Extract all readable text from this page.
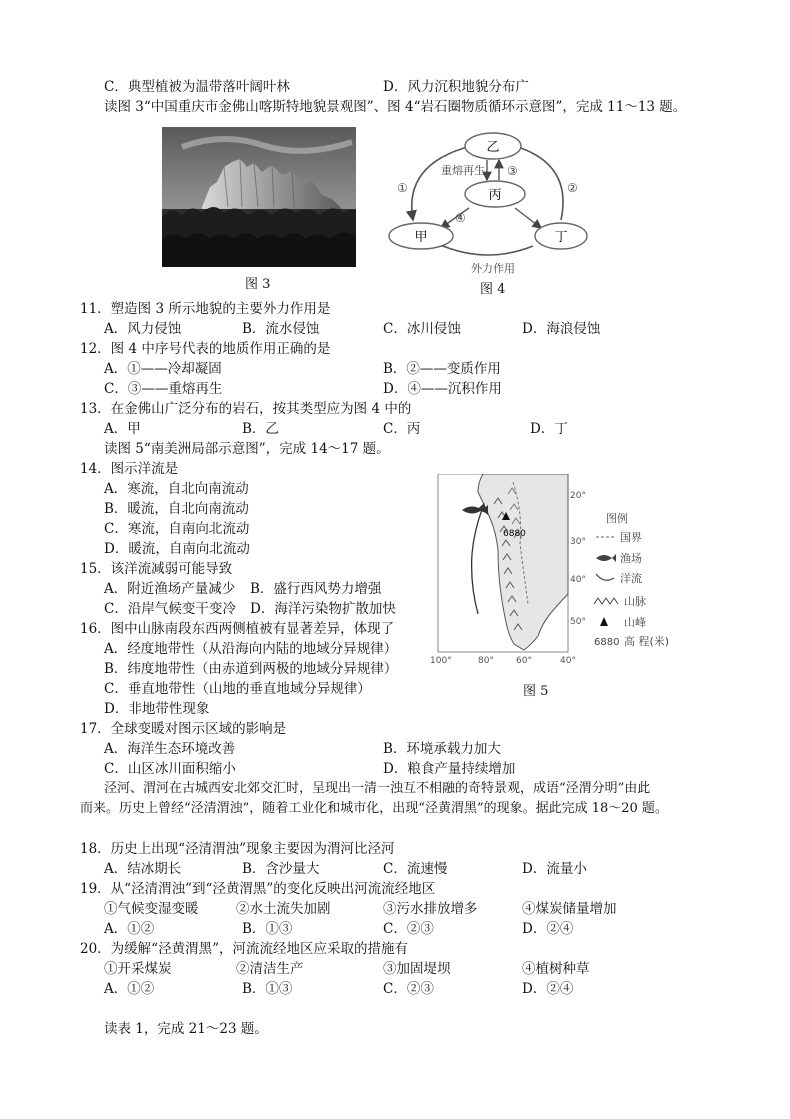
C．典型植被为温带落叶阔叶林	D．风力沉积地貌分布广
读图 3“中国重庆市金佛山喀斯特地貌景观图”、图 4“岩石圈物质循环示意图”，完成 11～13 题。
图 3
乙
丙
甲	丁
重熔再生
外力作用
①	②
③
④
图 4
11．塑造图 3 所示地貌的主要外力作用是
A．风力侵蚀	B．流水侵蚀	C．冰川侵蚀	D．海浪侵蚀
12．图 4 中序号代表的地质作用正确的是
A．①——冷却凝固	B．②——变质作用
C．③——重熔再生	D．④——沉积作用
13．在金佛山广泛分布的岩石，按其类型应为图 4 中的
A．甲	B．乙	C．丙	D．丁
读图 5“南美洲局部示意图”，完成 14～17 题。
14．图示洋流是
A．寒流，自北向南流动
B．暖流，自北向南流动
C．寒流，自南向北流动
D．暖流，自南向北流动
15．该洋流减弱可能导致
A．附近渔场产量减少 B．盛行西风势力增强
C．沿岸气候变干变冷 D．海洋污染物扩散加快
16．图中山脉南段东西两侧植被有显著差异，体现了
A．经度地带性（从沿海向内陆的地域分异规律）
B．纬度地带性（由赤道到两极的地域分异规律）
C．垂直地带性（山地的垂直地域分异规律）
D．非地带性现象
6880
20°
30°
40°
50°
100°	80° 60°	40°
图例
国界
渔场
洋流
山脉
山峰
6880 高 程(米)
图 5
17．全球变暖对图示区域的影响是
A．海洋生态环境改善	B．环境承载力加大
C．山区冰川面积缩小	D．粮食产量持续增加
泾河、渭河在古城西安北郊交汇时，呈现出一清一浊互不相融的奇特景观，成语“泾渭分明”由此
而来。历史上曾经“泾清渭浊”，随着工业化和城市化，出现“泾黄渭黑”的现象。据此完成 18～20 题。
18．历史上出现“泾清渭浊”现象主要因为渭河比泾河
A．结冰期长	B．含沙量大	C．流速慢	D．流量小
19．从“泾清渭浊”到“泾黄渭黑”的变化反映出河流流经地区
①气候变湿变暖	②水土流失加剧	③污水排放增多	④煤炭储量增加
A．①②	B．①③	C．②③	D．②④
20．为缓解“泾黄渭黑”，河流流经地区应采取的措施有
①开采煤炭	②清洁生产	③加固堤坝	④植树种草
A．①②	B．①③	C．②③	D．②④
读表 1，完成 21～23 题。
